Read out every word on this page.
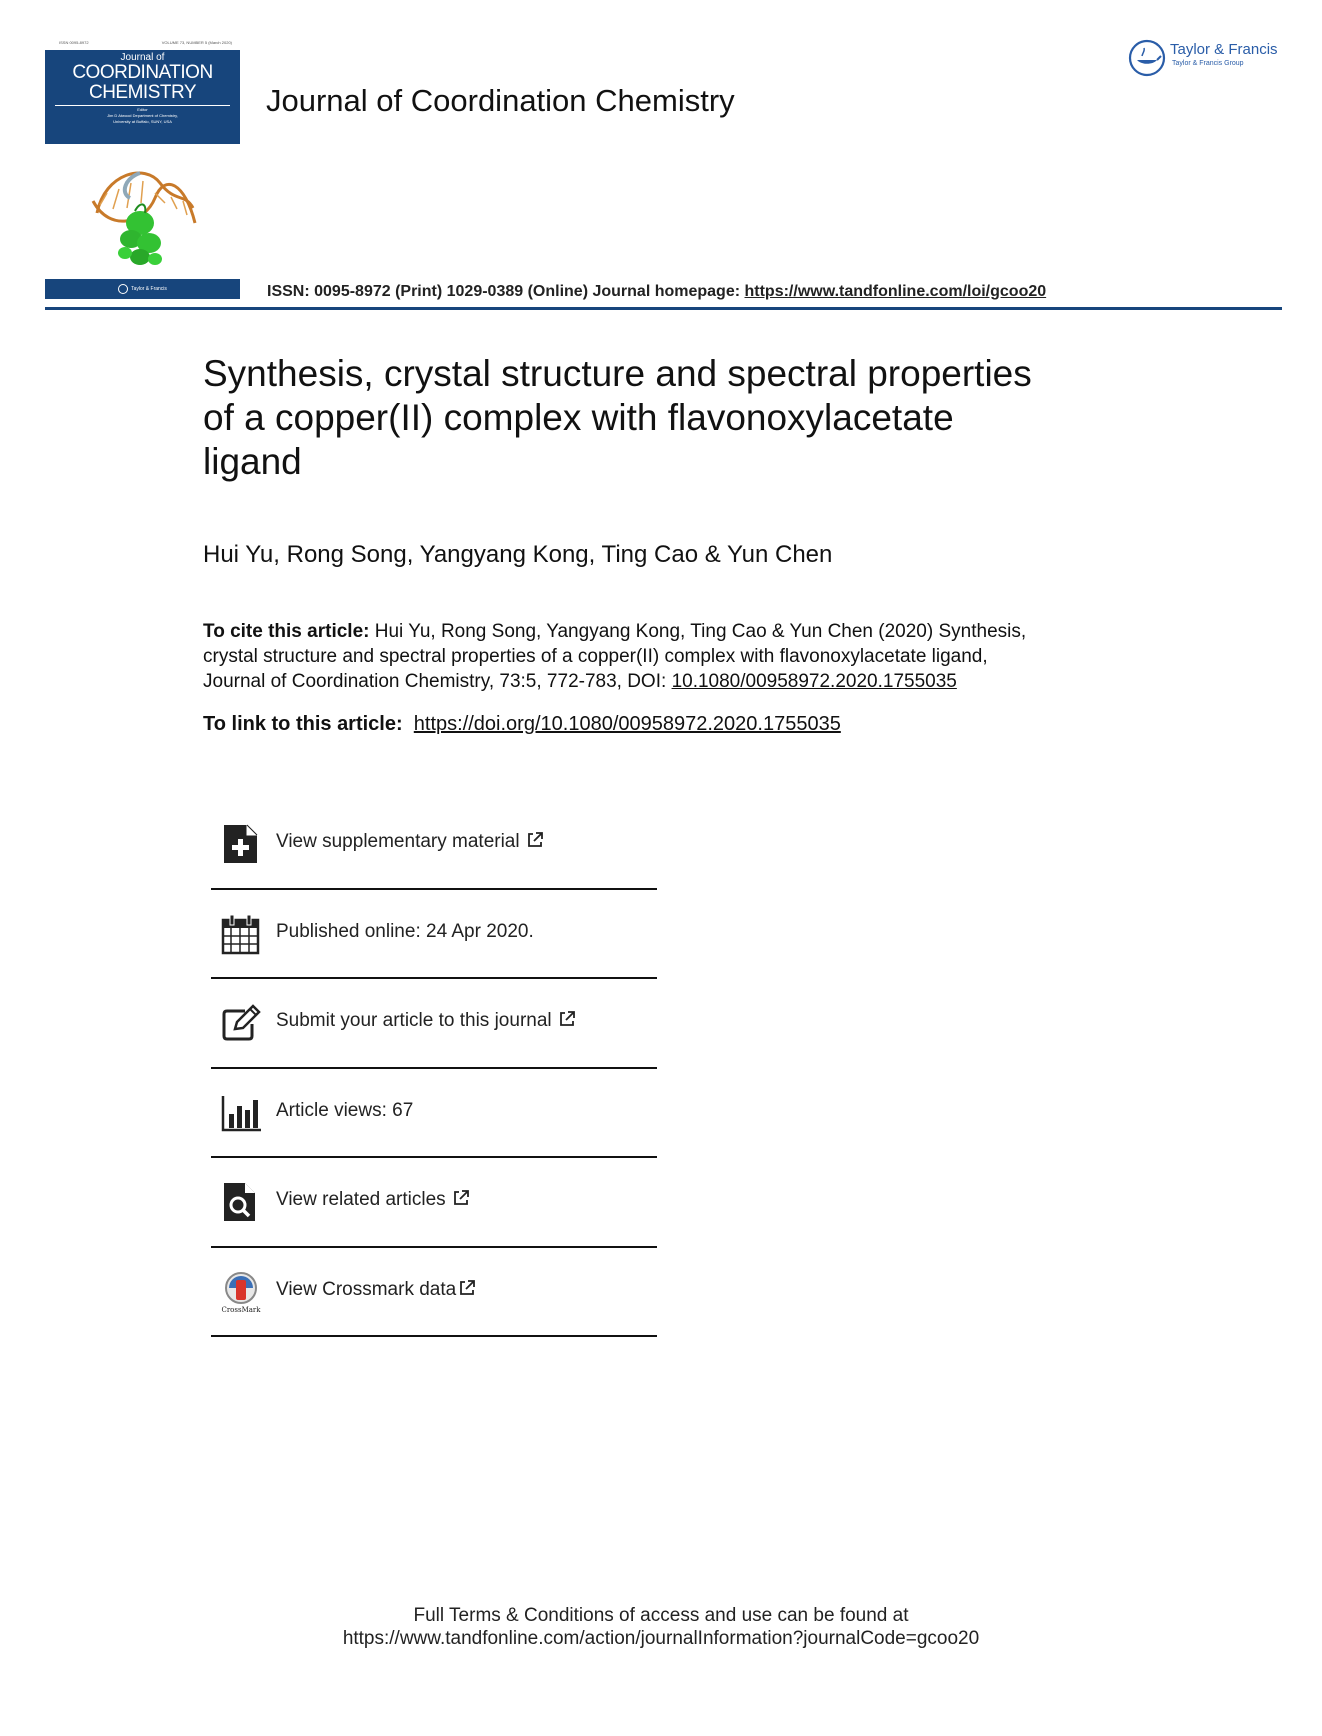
ISSN 0095-8972	VOLUME 73, NUMBER 5 (March 2020)
Journal of
COORDINATION
CHEMISTRY
Editor
Jim D Atwood Department of Chemistry,
University at Buffalo, SUNY, USA
Taylor & Francis
Journal of Coordination Chemistry
Taylor & Francis
Taylor & Francis Group
ISSN: 0095-8972 (Print) 1029-0389 (Online) Journal homepage: https://www.tandfonline.com/loi/gcoo20
Synthesis, crystal structure and spectral properties
of a copper(II) complex with flavonoxylacetate
ligand
Hui Yu, Rong Song, Yangyang Kong, Ting Cao & Yun Chen
To cite this article: Hui Yu, Rong Song, Yangyang Kong, Ting Cao & Yun Chen (2020) Synthesis,
crystal structure and spectral properties of a copper(II) complex with flavonoxylacetate ligand,
Journal of Coordination Chemistry, 73:5, 772-783, DOI: 10.1080/00958972.2020.1755035
To link to this article: https://doi.org/10.1080/00958972.2020.1755035
View supplementary material
Published online: 24 Apr 2020.
Submit your article to this journal
Article views: 67
View related articles
CrossMark
View Crossmark data
Full Terms & Conditions of access and use can be found at
https://www.tandfonline.com/action/journalInformation?journalCode=gcoo20
